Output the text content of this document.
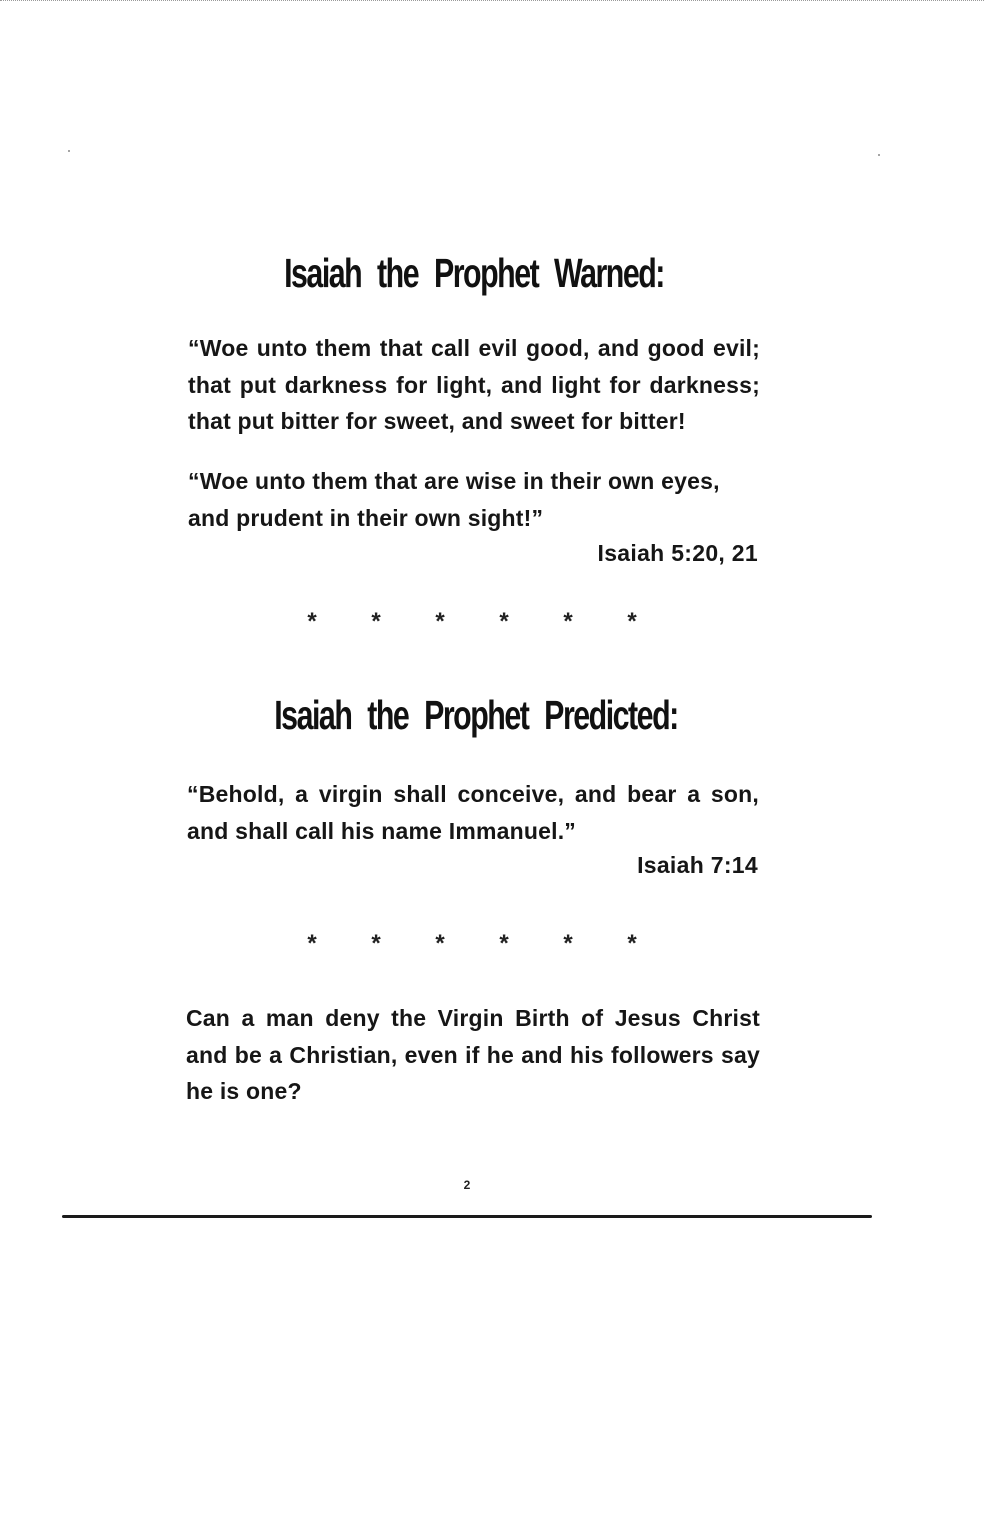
Isaiah the Prophet Warned:

“Woe unto them that call evil good, and good evil; that put darkness for light, and light for darkness; that put bitter for sweet, and sweet for bitter!

“Woe unto them that are wise in their own eyes, and prudent in their own sight!”

Isaiah 5:20, 21

* * * * * *
Isaiah the Prophet Predicted:

“Behold, a virgin shall conceive, and bear a son, and shall call his name Immanuel.”

Isaiah 7:14

* * * * * *

Can a man deny the Virgin Birth of Jesus Christ and be a Christian, even if he and his followers say he is one?

2
